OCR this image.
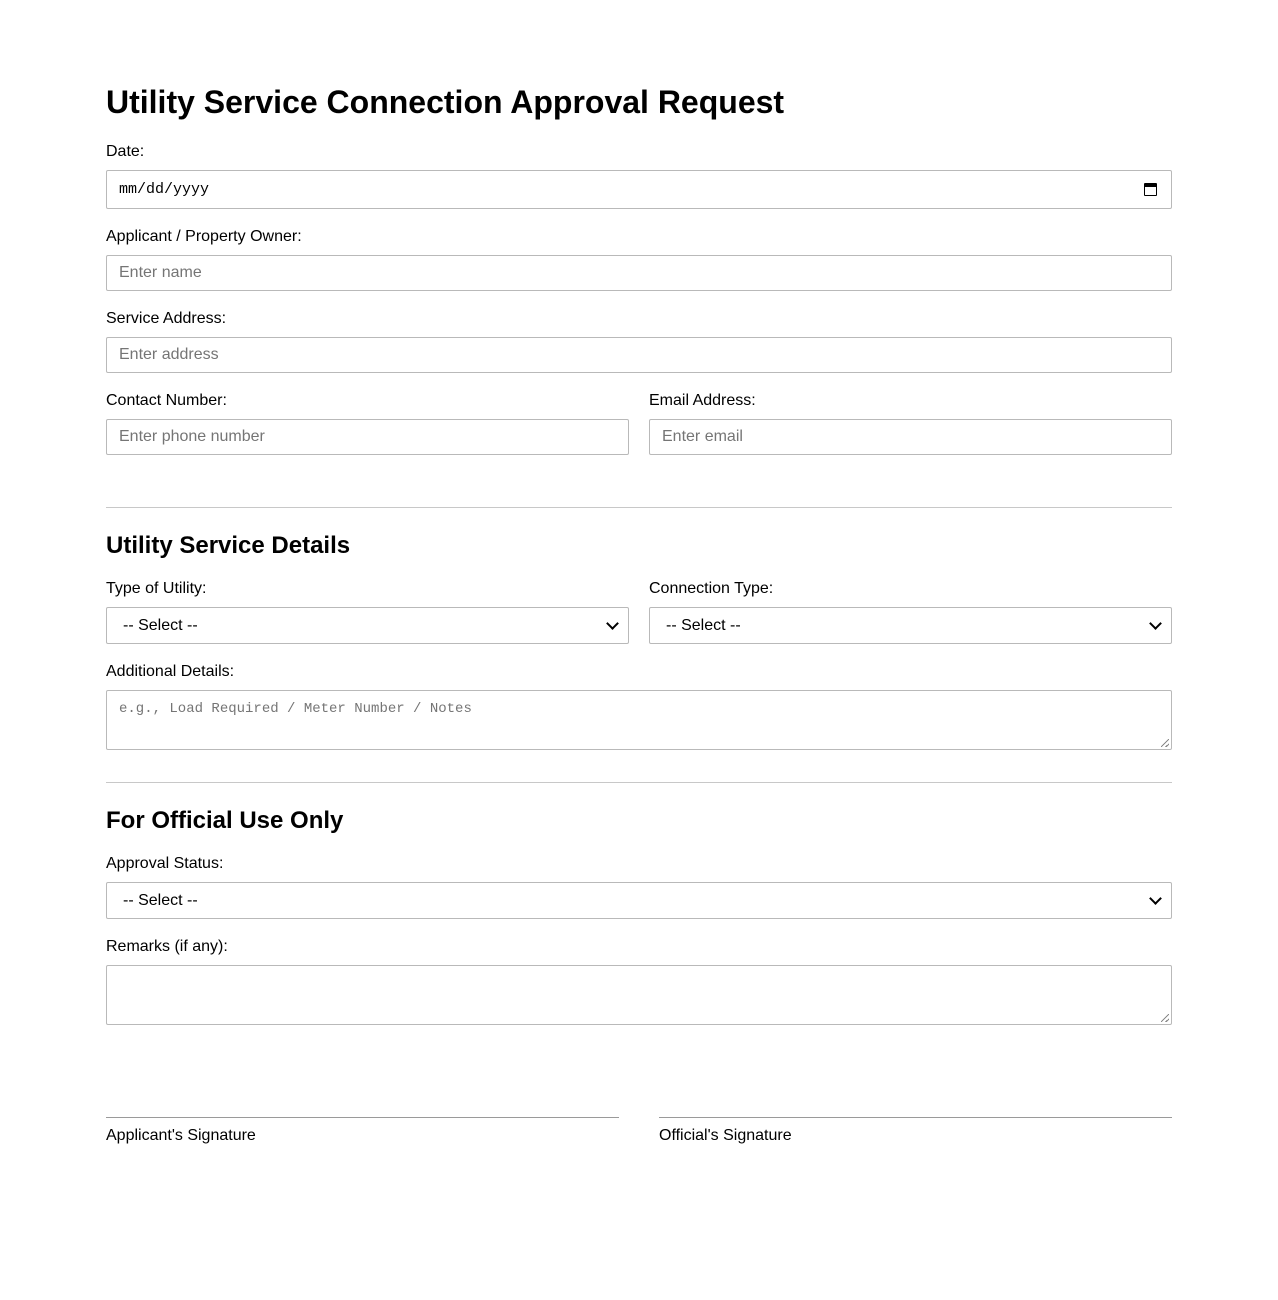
Utility Service Connection Approval Request
Date:
mm/dd/yyyy
Applicant / Property Owner:
Enter name
Service Address:
Enter address
Contact Number:
Enter phone number
Email Address:
Enter email
Utility Service Details
Type of Utility:
-- Select --
Connection Type:
-- Select --
Additional Details:
e.g., Load Required / Meter Number / Notes
For Official Use Only
Approval Status:
-- Select --
Remarks (if any):
Applicant's Signature	Official's Signature
